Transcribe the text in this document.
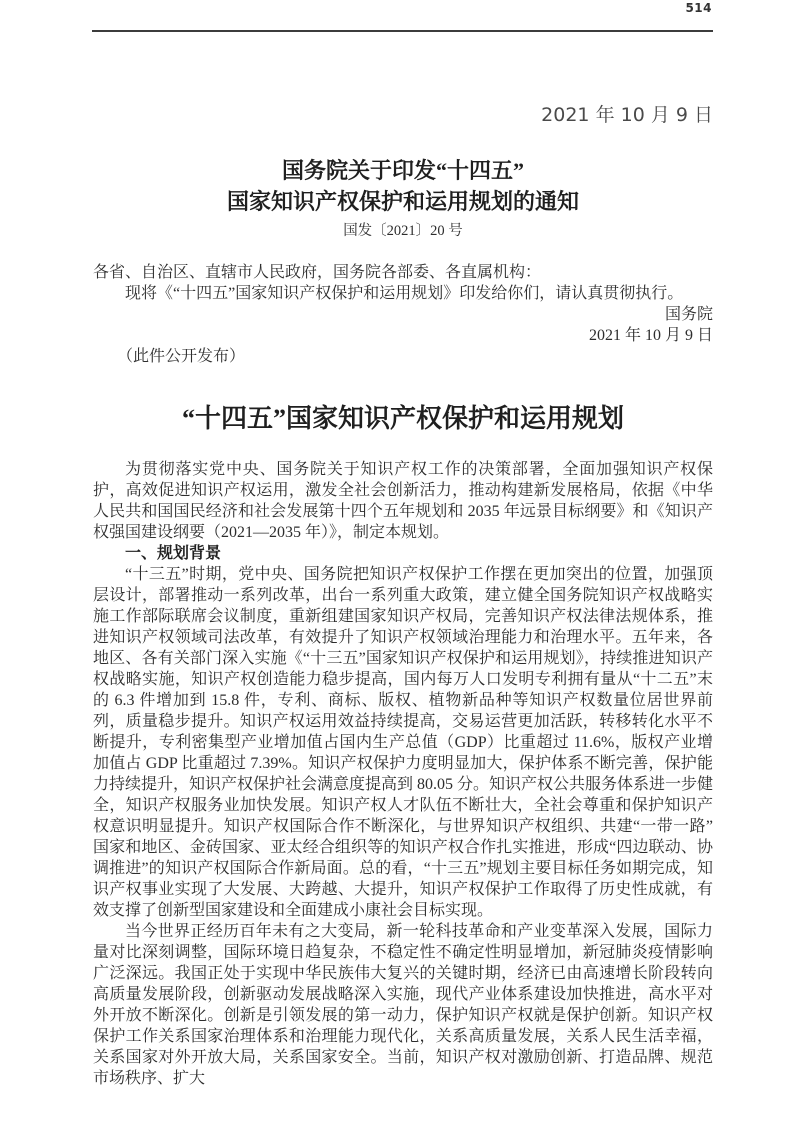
514
2021 年 10 月 9 日
国务院关于印发“十四五”
国家知识产权保护和运用规划的通知
国发〔2021〕20 号
各省、自治区、直辖市人民政府，国务院各部委、各直属机构：
现将《“十四五”国家知识产权保护和运用规划》印发给你们，请认真贯彻执行。
国务院
2021 年 10 月 9 日
（此件公开发布）
“十四五”国家知识产权保护和运用规划

为贯彻落实党中央、国务院关于知识产权工作的决策部署，全面加强知识产权保护，高效促进知识产权运用，激发全社会创新活力，推动构建新发展格局，依据《中华人民共和国国民经济和社会发展第十四个五年规划和 2035 年远景目标纲要》和《知识产权强国建设纲要（2021—2035 年）》，制定本规划。

一、规划背景

“十三五”时期，党中央、国务院把知识产权保护工作摆在更加突出的位置，加强顶层设计，部署推动一系列改革，出台一系列重大政策，建立健全国务院知识产权战略实施工作部际联席会议制度，重新组建国家知识产权局，完善知识产权法律法规体系，推进知识产权领域司法改革，有效提升了知识产权领域治理能力和治理水平。五年来，各地区、各有关部门深入实施《“十三五”国家知识产权保护和运用规划》，持续推进知识产权战略实施，知识产权创造能力稳步提高，国内每万人口发明专利拥有量从“十二五”末的 6.3 件增加到 15.8 件，专利、商标、版权、植物新品种等知识产权数量位居世界前列，质量稳步提升。知识产权运用效益持续提高，交易运营更加活跃，转移转化水平不断提升，专利密集型产业增加值占国内生产总值（GDP）比重超过 11.6%，版权产业增加值占 GDP 比重超过 7.39%。知识产权保护力度明显加大，保护体系不断完善，保护能力持续提升，知识产权保护社会满意度提高到 80.05 分。知识产权公共服务体系进一步健全，知识产权服务业加快发展。知识产权人才队伍不断壮大，全社会尊重和保护知识产权意识明显提升。知识产权国际合作不断深化，与世界知识产权组织、共建“一带一路”国家和地区、金砖国家、亚太经合组织等的知识产权合作扎实推进，形成“四边联动、协调推进”的知识产权国际合作新局面。总的看，“十三五”规划主要目标任务如期完成，知识产权事业实现了大发展、大跨越、大提升，知识产权保护工作取得了历史性成就，有效支撑了创新型国家建设和全面建成小康社会目标实现。

当今世界正经历百年未有之大变局，新一轮科技革命和产业变革深入发展，国际力量对比深刻调整，国际环境日趋复杂，不稳定性不确定性明显增加，新冠肺炎疫情影响广泛深远。我国正处于实现中华民族伟大复兴的关键时期，经济已由高速增长阶段转向高质量发展阶段，创新驱动发展战略深入实施，现代产业体系建设加快推进，高水平对外开放不断深化。创新是引领发展的第一动力，保护知识产权就是保护创新。知识产权保护工作关系国家治理体系和治理能力现代化，关系高质量发展，关系人民生活幸福，关系国家对外开放大局，关系国家安全。当前，知识产权对激励创新、打造品牌、规范市场秩序、扩大
